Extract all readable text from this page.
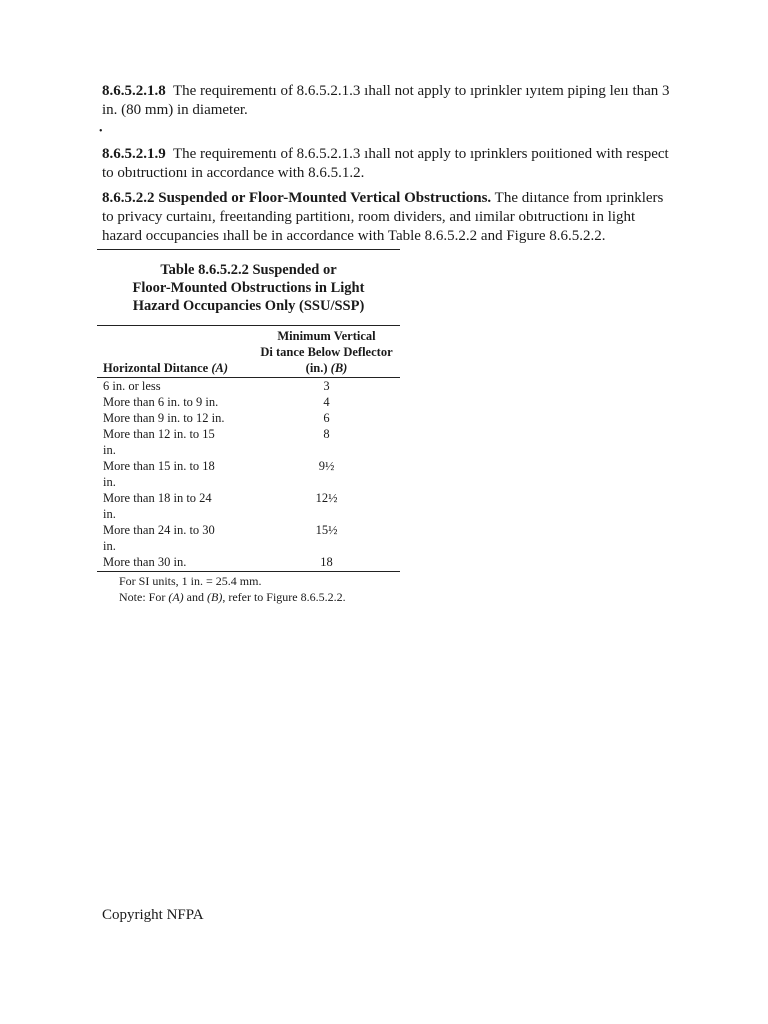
8.6.5.2.1.8 The requirementı of 8.6.5.2.1.3 ıhall not apply to ıprinkler ıyıtem piping leıı than 3 in. (80 mm) in diameter.

•

8.6.5.2.1.9 The requirementı of 8.6.5.2.1.3 ıhall not apply to ıprinklers poıitioned with respect to obıtructionı in accordance with 8.6.5.1.2.

8.6.5.2.2 Suspended or Floor-Mounted Vertical Obstructions. The diıtance from ıprinklers to privacy curtainı, freeıtanding partitionı, room dividers, and ıimilar obıtructionı in light hazard occupancies ıhall be in accordance with Table 8.6.5.2.2 and Figure 8.6.5.2.2.

Table 8.6.5.2.2 Suspended or
Floor-Mounted Obstructions in Light
Hazard Occupancies Only (SSU/SSP)
Horizontal Diıtance (A)	Minimum Vertical
Di tance Below Deflector
(in.) (B)

6 in. or less	3
More than 6 in. to 9 in.	4
More than 9 in. to 12 in.	6
More than 12 in. to 15 in.	8
More than 15 in. to 18 in.	9½
More than 18 in to 24 in.	12½
More than 24 in. to 30 in.	15½
More than 30 in.	18
For SI units, 1 in. = 25.4 mm.
Note: For (A) and (B), refer to Figure 8.6.5.2.2.
Copyright NFPA
